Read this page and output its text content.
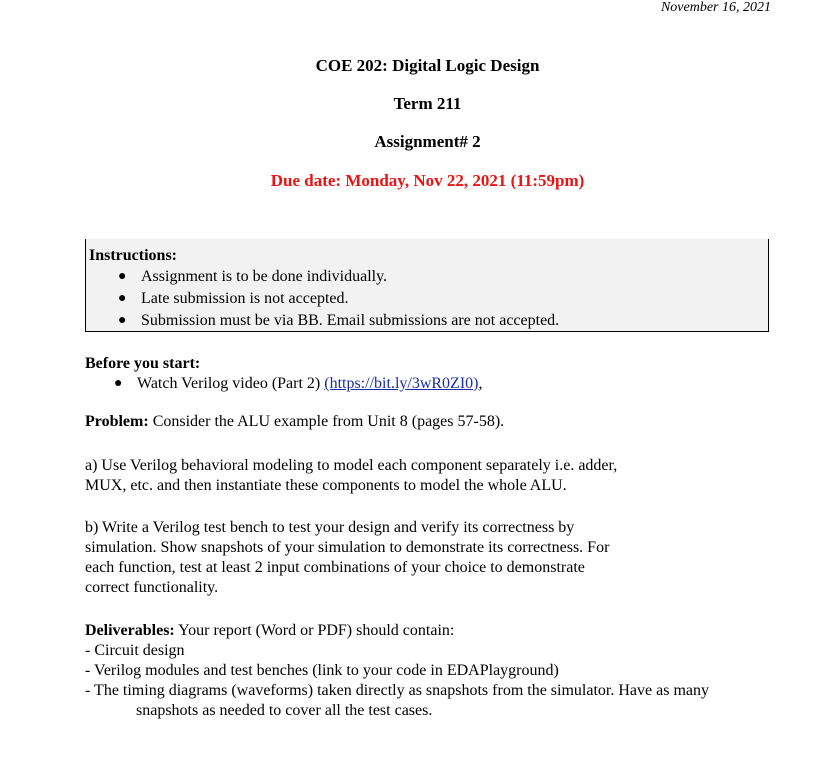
November 16, 2021
COE 202: Digital Logic Design
Term 211
Assignment# 2
Due date: Monday, Nov 22, 2021 (11:59pm)
Instructions:
● Assignment is to be done individually.
● Late submission is not accepted.
● Submission must be via BB. Email submissions are not accepted.
Before you start:
● Watch Verilog video (Part 2) (https://bit.ly/3wR0ZI0),
Problem: Consider the ALU example from Unit 8 (pages 57-58).
a) Use Verilog behavioral modeling to model each component separately i.e. adder,
MUX, etc. and then instantiate these components to model the whole ALU.
b) Write a Verilog test bench to test your design and verify its correctness by
simulation. Show snapshots of your simulation to demonstrate its correctness. For
each function, test at least 2 input combinations of your choice to demonstrate
correct functionality.
Deliverables: Your report (Word or PDF) should contain:
- Circuit design
- Verilog modules and test benches (link to your code in EDAPlayground)
- The timing diagrams (waveforms) taken directly as snapshots from the simulator. Have as many
snapshots as needed to cover all the test cases.
